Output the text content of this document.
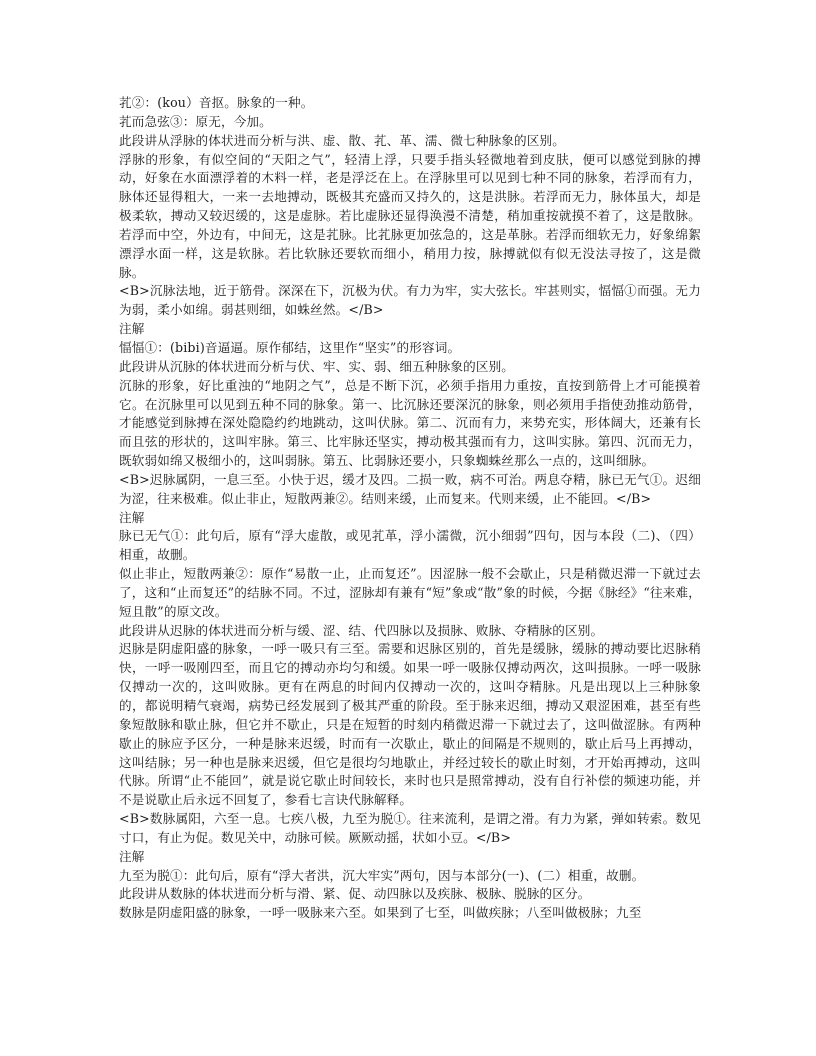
芤②：(kou）音抠。脉象的一种。

芤而急弦③：原无，今加。

此段讲从浮脉的体状进而分析与洪、虚、散、芤、革、濡、微七种脉象的区别。

浮脉的形象，有似空间的“天阳之气”，轻清上浮，只要手指头轻微地着到皮肤，便可以感觉到脉的搏动，好象在水面漂浮着的木料一样，老是浮泛在上。在浮脉里可以见到七种不同的脉象，若浮而有力，脉体还显得粗大，一来一去地搏动，既极其充盛而又持久的，这是洪脉。若浮而无力，脉体虽大，却是极柔软，搏动又较迟缓的，这是虚脉。若比虚脉还显得涣漫不清楚，稍加重按就摸不着了，这是散脉。若浮而中空，外边有，中间无，这是芤脉。比芤脉更加弦急的，这是革脉。若浮而细软无力，好象绵絮漂浮水面一样，这是软脉。若比软脉还要软而细小，稍用力按，脉搏就似有似无没法寻按了，这是微脉。

<B>沉脉法地，近于筋骨。深深在下，沉极为伏。有力为牢，实大弦长。牢甚则实，愊愊①而强。无力为弱，柔小如绵。弱甚则细，如蛛丝然。</B>

注解

愊愊①：(bibi)音逼逼。原作郁结，这里作“坚实”的形容词。

此段讲从沉脉的体状进而分析与伏、牢、实、弱、细五种脉象的区别。

沉脉的形象，好比重浊的“地阴之气”，总是不断下沉，必须手指用力重按，直按到筋骨上才可能摸着它。在沉脉里可以见到五种不同的脉象。第一、比沉脉还要深沉的脉象，则必须用手指使劲推动筋骨，才能感觉到脉搏在深处隐隐约约地跳动，这叫伏脉。第二、沉而有力，来势充实，形体阔大，还兼有长而且弦的形状的，这叫牢脉。第三、比牢脉还坚实，搏动极其强而有力，这叫实脉。第四、沉而无力，既软弱如绵又极细小的，这叫弱脉。第五、比弱脉还要小，只象蜘蛛丝那么一点的，这叫细脉。

<B>迟脉属阴，一息三至。小快于迟，缓才及四。二损一败，病不可治。两息夺精，脉已无气①。迟细为涩，往来极难。似止非止，短散两兼②。结则来缓，止而复来。代则来缓，止不能回。</B>

注解

脉已无气①：此句后，原有“浮大虚散，或见芤革，浮小濡微，沉小细弱”四句，因与本段（二)、（四）相重，故删。

似止非止，短散两兼②：原作“易散一止，止而复还”。因涩脉一般不会歇止，只是稍微迟滞一下就过去了，这和“止而复还”的结脉不同。不过，涩脉却有兼有“短”象或“散”象的时候，今据《脉经》“往来难，短且散”的原文改。

此段讲从迟脉的体状进而分析与缓、涩、结、代四脉以及损脉、败脉、夺精脉的区别。

迟脉是阴虚阳盛的脉象，一呼一吸只有三至。需要和迟脉区别的，首先是缓脉，缓脉的搏动要比迟脉稍快，一呼一吸刚四至，而且它的搏动亦均匀和缓。如果一呼一吸脉仅搏动两次，这叫损脉。一呼一吸脉仅搏动一次的，这叫败脉。更有在两息的时间内仅搏动一次的，这叫夺精脉。凡是出现以上三种脉象的，都说明精气衰竭，病势已经发展到了极其严重的阶段。至于脉来迟细，搏动又艰涩困难，甚至有些象短散脉和歇止脉，但它并不歇止，只是在短暂的时刻内稍微迟滞一下就过去了，这叫做涩脉。有两种歇止的脉应予区分，一种是脉来迟缓，时而有一次歇止，歇止的间隔是不规则的，歇止后马上再搏动，这叫结脉；另一种也是脉来迟缓，但它是很均匀地歇止，并经过较长的歇止时刻，才开始再搏动，这叫代脉。所谓“止不能回”，就是说它歇止时间较长，来时也只是照常搏动，没有自行补偿的频速功能，并不是说歇止后永远不回复了，参看七言诀代脉解释。

<B>数脉属阳，六至一息。七疾八极，九至为脱①。往来流利，是谓之滑。有力为紧，弹如转索。数见寸口，有止为促。数见关中，动脉可候。厥厥动摇，状如小豆。</B>

注解

九至为脱①：此句后，原有“浮大者洪，沉大牢实”两句，因与本部分(一)、(二）相重，故删。

此段讲从数脉的体状进而分析与滑、紧、促、动四脉以及疾脉、极脉、脱脉的区分。

数脉是阴虚阳盛的脉象，一呼一吸脉来六至。如果到了七至，叫做疾脉；八至叫做极脉；九至
